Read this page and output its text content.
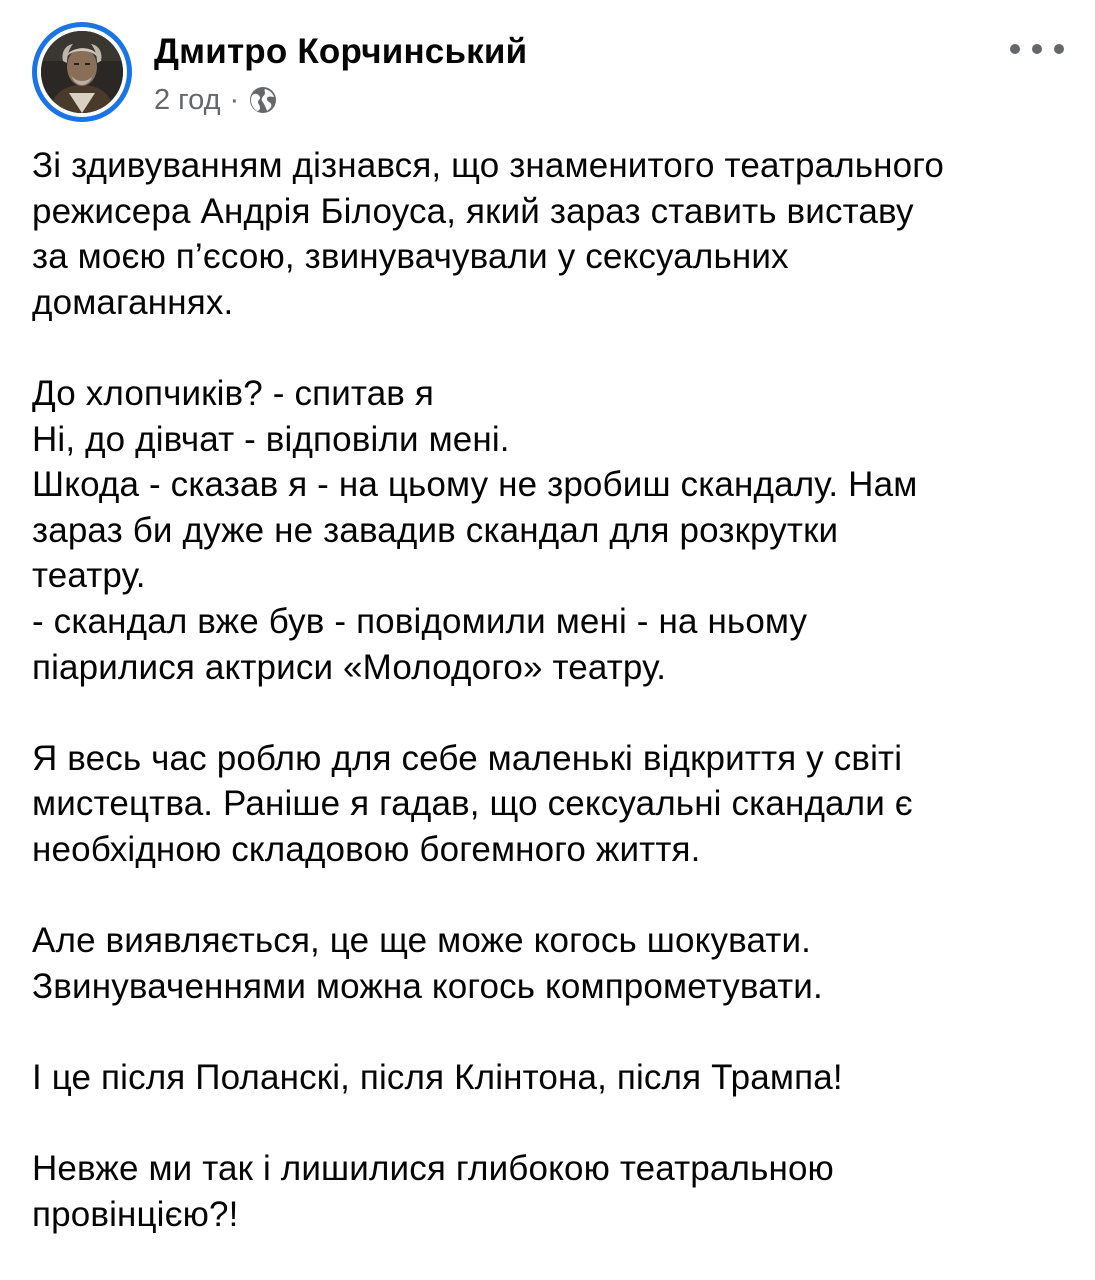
Дмитро Корчинський
2 год ·
Зі здивуванням дізнався, що знаменитого театрального
режисера Андрія Білоуса, який зараз ставить виставу
за моєю п’єсою, звинувачували у сексуальних
домаганнях.
До хлопчиків? - спитав я
Ні, до дівчат - відповіли мені.
Шкода - сказав я - на цьому не зробиш скандалу. Нам
зараз би дуже не завадив скандал для розкрутки
театру.
- скандал вже був - повідомили мені - на ньому
піарилися актриси «Молодого» театру.
Я весь час роблю для себе маленькі відкриття у світі
мистецтва. Раніше я гадав, що сексуальні скандали є
необхідною складовою богемного життя.
Але виявляється, це ще може когось шокувати.
Звинуваченнями можна когось компрометувати.
І це після Поланскі, після Клінтона, після Трампа!
Невже ми так і лишилися глибокою театральною
провінцією?!
